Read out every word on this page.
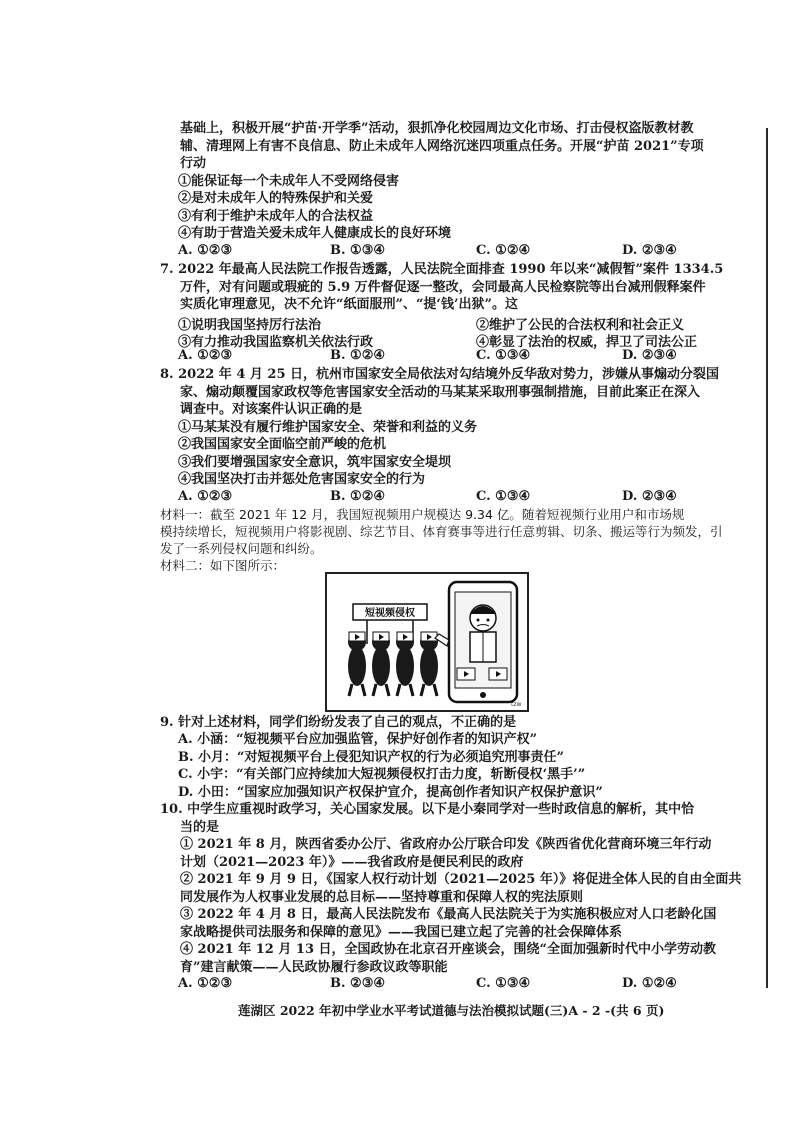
基础上，积极开展“护苗·开学季”活动，狠抓净化校园周边文化市场、打击侵权盗版教材教
辅、清理网上有害不良信息、防止未成年人网络沉迷四项重点任务。开展“护苗 2021”专项
行动
①能保证每一个未成年人不受网络侵害
②是对未成年人的特殊保护和关爱
③有利于维护未成年人的合法权益
④有助于营造关爱未成年人健康成长的良好环境
A. ①②③	B. ①③④	C. ①②④	D. ②③④
7. 2022 年最高人民法院工作报告透露，人民法院全面排查 1990 年以来“减假暂”案件 1334.5
万件，对有问题或瑕疵的 5.9 万件督促逐一整改，会同最高人民检察院等出台减刑假释案件
实质化审理意见，决不允许“纸面服刑”、“提‘钱’出狱”。这
①说明我国坚持厉行法治	②维护了公民的合法权利和社会正义
③有力推动我国监察机关依法行政	④彰显了法治的权威，捍卫了司法公正
A. ①②③	B. ①②④	C. ①③④	D. ②③④
8. 2022 年 4 月 25 日，杭州市国家安全局依法对勾结境外反华敌对势力，涉嫌从事煽动分裂国
家、煽动颠覆国家政权等危害国家安全活动的马某某采取刑事强制措施，目前此案正在深入
调查中。对该案件认识正确的是
①马某某没有履行维护国家安全、荣誉和利益的义务
②我国国家安全面临空前严峻的危机
③我们要增强国家安全意识，筑牢国家安全堤坝
④我国坚决打击并惩处危害国家安全的行为
A. ①②③	B. ①②④	C. ①③④	D. ②③④
材料一：截至 2021 年 12 月，我国短视频用户规模达 9.34 亿。随着短视频行业用户和市场规
模持续增长，短视频用户将影视剧、综艺节目、体育赛事等进行任意剪辑、切条、搬运等行为频发，引
发了一系列侵权问题和纠纷。
材料二：如下图所示：
短视频侵权
tzw
9. 针对上述材料，同学们纷纷发表了自己的观点，不正确的是
A. 小涵：“短视频平台应加强监管，保护好创作者的知识产权”
B. 小月：“对短视频平台上侵犯知识产权的行为必须追究刑事责任”
C. 小宇：“有关部门应持续加大短视频侵权打击力度，斩断侵权‘黑手’”
D. 小田：“国家应加强知识产权保护宣介，提高创作者知识产权保护意识”
10. 中学生应重视时政学习，关心国家发展。以下是小秦同学对一些时政信息的解析，其中恰
当的是
① 2021 年 8 月，陕西省委办公厅、省政府办公厅联合印发《陕西省优化营商环境三年行动
计划（2021—2023 年）》——我省政府是便民利民的政府
② 2021 年 9 月 9 日，《国家人权行动计划（2021—2025 年）》将促进全体人民的自由全面共
同发展作为人权事业发展的总目标——坚持尊重和保障人权的宪法原则
③ 2022 年 4 月 8 日，最高人民法院发布《最高人民法院关于为实施积极应对人口老龄化国
家战略提供司法服务和保障的意见》——我国已建立起了完善的社会保障体系
④ 2021 年 12 月 13 日，全国政协在北京召开座谈会，围绕“全面加强新时代中小学劳动教
育”建言献策——人民政协履行参政议政等职能
A. ①②③	B. ②③④	C. ①③④	D. ①②④
莲湖区 2022 年初中学业水平考试道德与法治模拟试题(三)A - 2 -(共 6 页)
